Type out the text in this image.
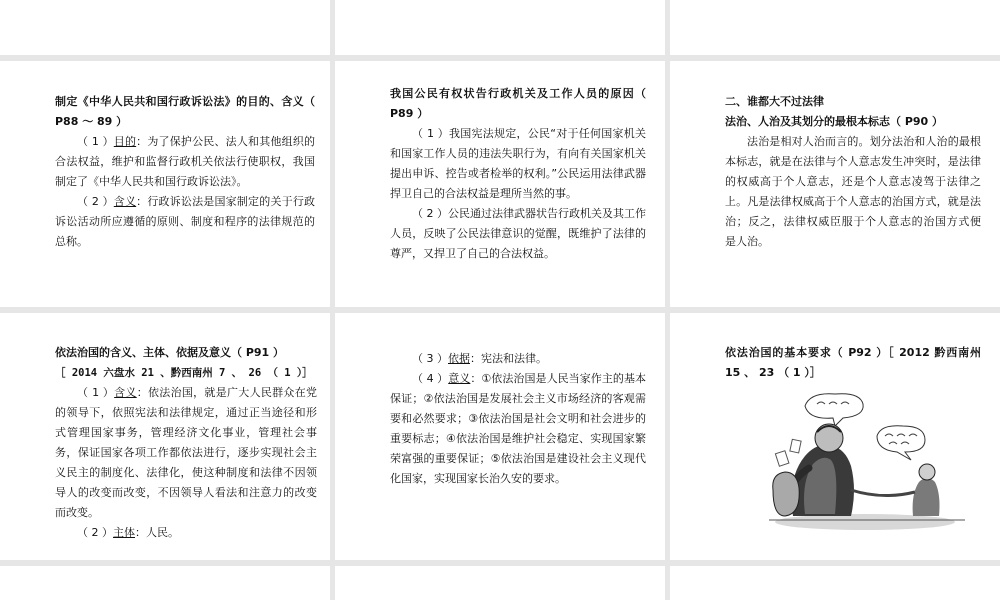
制定《中华人民共和国行政诉讼法》的目的、含义（ P88 ～ 89 ）
（ 1 ）目的：为了保护公民、法人和其他组织的合法权益，维护和监督行政机关依法行使职权，我国制定了《中华人民共和国行政诉讼法》。
（ 2 ）含义：行政诉讼法是国家制定的关于行政诉讼活动所应遵循的原则、制度和程序的法律规范的总称。
我国公民有权状告行政机关及工作人员的原因（ P89 ）
（ 1 ）我国宪法规定，公民“对于任何国家机关和国家工作人员的违法失职行为，有向有关国家机关提出申诉、控告或者检举的权利。”公民运用法律武器捍卫自己的合法权益是理所当然的事。
（ 2 ）公民通过法律武器状告行政机关及其工作人员，反映了公民法律意识的觉醒，既维护了法律的尊严，又捍卫了自己的合法权益。
二、谁都大不过法律
法治、人治及其划分的最根本标志（ P90 ）
法治是相对人治而言的。划分法治和人治的最根本标志，就是在法律与个人意志发生冲突时，是法律的权威高于个人意志，还是个人意志凌驾于法律之上。凡是法律权威高于个人意志的治国方式，就是法治；反之，法律权威臣服于个人意志的治国方式便 是人治。
依法治国的含义、主体、依据及意义（ P91 ）
［ 2014 六盘水 21 、黔西南州 7 、 26 （ 1 ）］
（ 1 ）含义：依法治国，就是广大人民群众在党的领导下，依照宪法和法律规定，通过正当途径和形式管理国家事务，管理经济文化事业，管理社会事务，保证国家各项工作都依法进行，逐步实现社会主义民主的制度化、法律化，使这种制度和法律不因领导人的改变而改变，不因领导人看法和注意力的改变而改变。
（ 2 ）主体：人民。
（ 3 ）依据：宪法和法律。
（ 4 ）意义：①依法治国是人民当家作主的基本保证；②依法治国是发展社会主义市场经济的客观需要和必然要求；③依法治国是社会文明和社会进步的重要标志；④依法治国是维护社会稳定、实现国家繁荣富强的重要保证；⑤依法治国是建设社会主义现代化国家，实现国家长治久安的要求。
依法治国的基本要求（ P92 ）［ 2012 黔西南州 15 、 23 （ 1 ）］
